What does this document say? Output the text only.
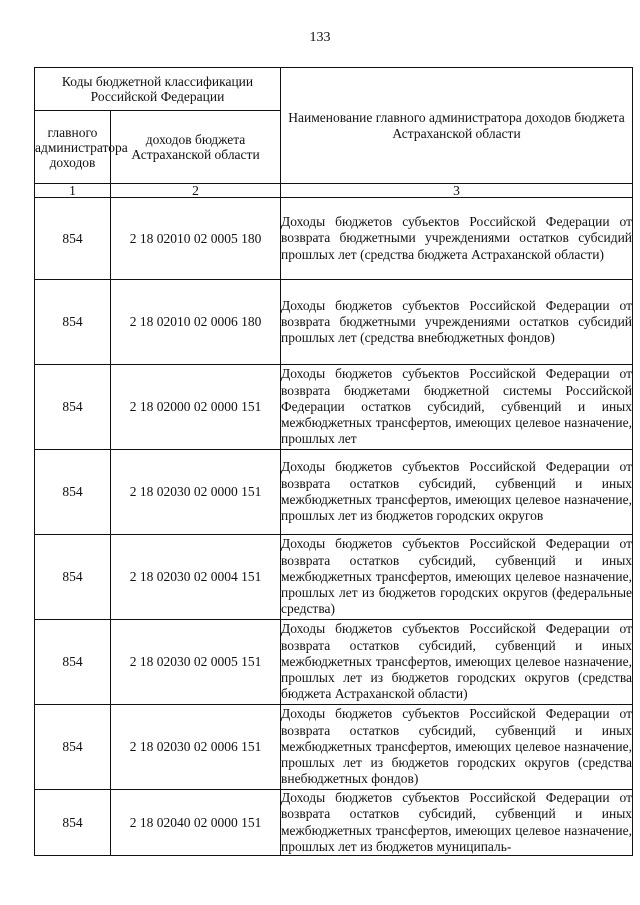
133
Коды бюджетной классификации Российской Федерации		Наименование главного администратора доходов бюджета Астраханской области
главного администратора доходов	доходов бюджета Астраханской области	
1	2	3
854	2 18 02010 02 0005 180	Доходы бюджетов субъектов Российской Федерации от возврата бюджетными учреждениями остатков субсидий прошлых лет (средства бюджета Астраханской области)
854	2 18 02010 02 0006 180	Доходы бюджетов субъектов Российской Федерации от возврата бюджетными учреждениями остатков субсидий прошлых лет (средства внебюджетных фондов)
854	2 18 02000 02 0000 151	Доходы бюджетов субъектов Российской Федерации от возврата бюджетами бюджетной системы Российской Федерации остатков субсидий, субвенций и иных межбюджетных трансфертов, имеющих целевое назначение, прошлых лет
854	2 18 02030 02 0000 151	Доходы бюджетов субъектов Российской Федерации от возврата остатков субсидий, субвенций и иных межбюджетных трансфертов, имеющих целевое назначение, прошлых лет из бюджетов городских округов
854	2 18 02030 02 0004 151	Доходы бюджетов субъектов Российской Федерации от возврата остатков субсидий, субвенций и иных межбюджетных трансфертов, имеющих целевое назначение, прошлых лет из бюджетов городских округов (федеральные средства)
854	2 18 02030 02 0005 151	Доходы бюджетов субъектов Российской Федерации от возврата остатков субсидий, субвенций и иных межбюджетных трансфертов, имеющих целевое назначение, прошлых лет из бюджетов городских округов (средства бюджета Астраханской области)
854	2 18 02030 02 0006 151	Доходы бюджетов субъектов Российской Федерации от возврата остатков субсидий, субвенций и иных межбюджетных трансфертов, имеющих целевое назначение, прошлых лет из бюджетов городских округов (средства внебюджетных фондов)
854	2 18 02040 02 0000 151	Доходы бюджетов субъектов Российской Федерации от возврата остатков субсидий, субвенций и иных межбюджетных трансфертов, имеющих целевое назначение, прошлых лет из бюджетов муниципаль-
